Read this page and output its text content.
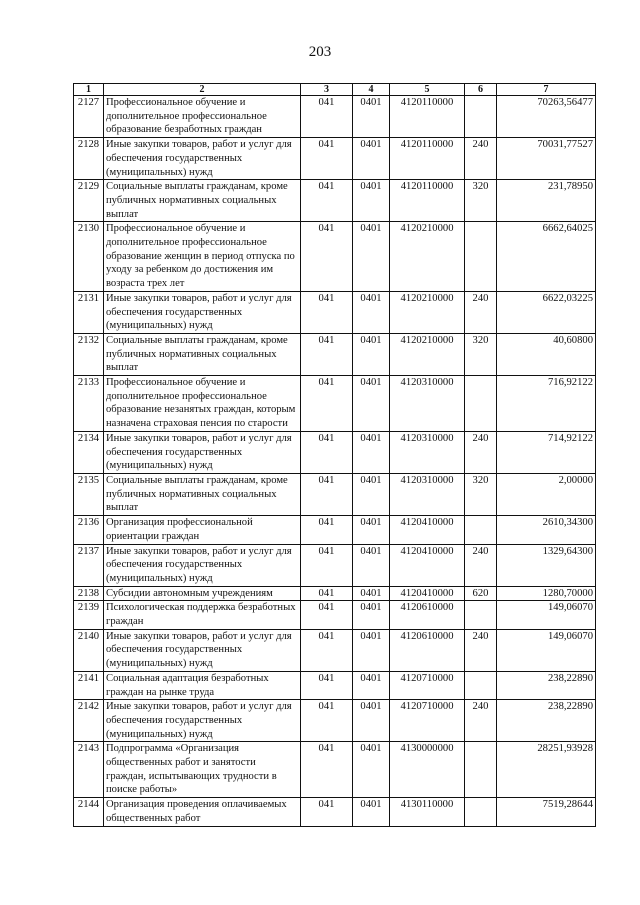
203
1	2	3	4	5	6	7
2127	Профессиональное обучение и дополнительное профессиональное образование безработных граждан	041	0401	4120110000		70263,56477
2128	Иные закупки товаров, работ и услуг для обеспечения государственных (муниципальных) нужд	041	0401	4120110000	240	70031,77527
2129	Социальные выплаты гражданам, кроме публичных нормативных социальных выплат	041	0401	4120110000	320	231,78950
2130	Профессиональное обучение и дополнительное профессиональное образование женщин в период отпуска по уходу за ребенком до достижения им возраста трех лет	041	0401	4120210000		6662,64025
2131	Иные закупки товаров, работ и услуг для обеспечения государственных (муниципальных) нужд	041	0401	4120210000	240	6622,03225
2132	Социальные выплаты гражданам, кроме публичных нормативных социальных выплат	041	0401	4120210000	320	40,60800
2133	Профессиональное обучение и дополнительное профессиональное образование незанятых граждан, которым назначена страховая пенсия по старости	041	0401	4120310000		716,92122
2134	Иные закупки товаров, работ и услуг для обеспечения государственных (муниципальных) нужд	041	0401	4120310000	240	714,92122
2135	Социальные выплаты гражданам, кроме публичных нормативных социальных выплат	041	0401	4120310000	320	2,00000
2136	Организация профессиональной ориентации граждан	041	0401	4120410000		2610,34300
2137	Иные закупки товаров, работ и услуг для обеспечения государственных (муниципальных) нужд	041	0401	4120410000	240	1329,64300
2138	Субсидии автономным учреждениям	041	0401	4120410000	620	1280,70000
2139	Психологическая поддержка безработных граждан	041	0401	4120610000		149,06070
2140	Иные закупки товаров, работ и услуг для обеспечения государственных (муниципальных) нужд	041	0401	4120610000	240	149,06070
2141	Социальная адаптация безработных граждан на рынке труда	041	0401	4120710000		238,22890
2142	Иные закупки товаров, работ и услуг для обеспечения государственных (муниципальных) нужд	041	0401	4120710000	240	238,22890
2143	Подпрограмма «Организация общественных работ и занятости граждан, испытывающих трудности в поиске работы»	041	0401	4130000000		28251,93928
2144	Организация проведения оплачиваемых общественных работ	041	0401	4130110000		7519,28644
